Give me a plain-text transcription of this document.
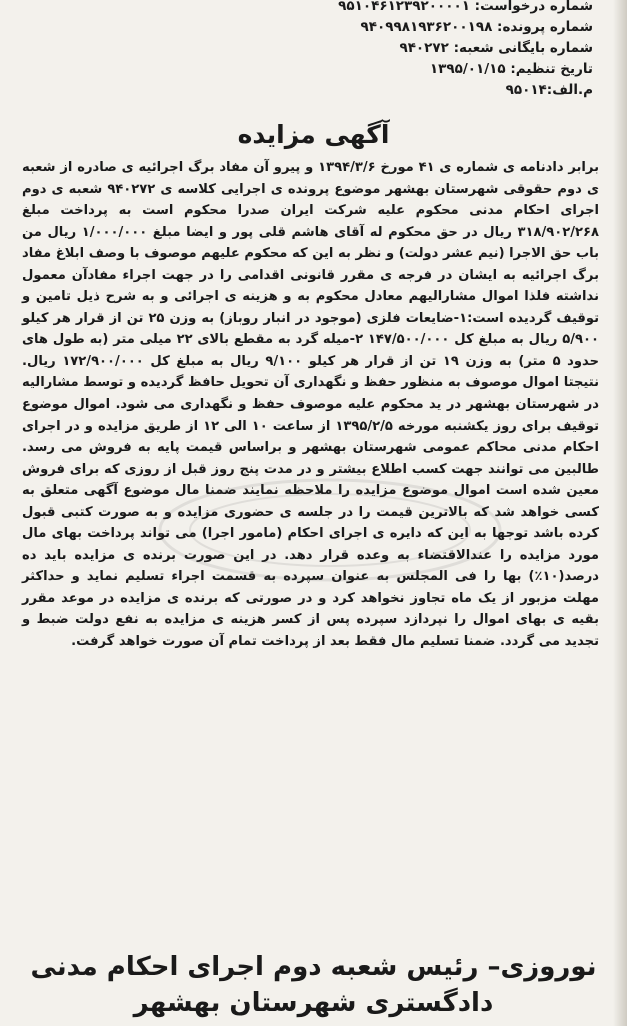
شماره درخواست: ۹۵۱۰۴۶۱۲۳۹۲۰۰۰۰۱
شماره پرونده: ۹۴۰۹۹۸۱۹۳۶۲۰۰۱۹۸
شماره بایگانی شعبه: ۹۴۰۲۷۲
تاریخ تنظیم: ۱۳۹۵/۰۱/۱۵
م.الف:۹۵۰۱۴
آگهی مزایده

برابر دادنامه ی شماره ی ۴۱ مورخ ۱۳۹۴/۳/۶ و پیرو آن مفاد برگ اجرائیه ی صادره از شعبه ی دوم حقوقی شهرستان بهشهر موضوع پرونده ی اجرایی کلاسه ی ۹۴۰۲۷۲ شعبه ی دوم اجرای احکام مدنی محکوم علیه شرکت ایران صدرا محکوم است به پرداخت مبلغ ۳۱۸/۹۰۲/۲۶۸ ریال در حق محکوم له آقای هاشم قلی پور و ایضا مبلغ ۱/۰۰۰/۰۰۰ ریال من باب حق الاجرا (نیم عشر دولت) و نظر به این که محکوم علیهم موصوف با وصف ابلاغ مفاد برگ اجرائیه به ایشان در فرجه ی مقرر قانونی اقدامی را در جهت اجراء مفادآن معمول نداشته فلذا اموال مشارالیهم معادل محکوم به و هزینه ی اجرائی و به شرح ذیل تامین و توقیف گردیده است:۱-ضایعات فلزی (موجود در انبار روباز) به وزن ۲۵ تن از قرار هر کیلو ۵/۹۰۰ ریال به مبلغ کل ۱۴۷/۵۰۰/۰۰۰ ۲-میله گرد به مقطع بالای ۲۲ میلی متر (به طول های حدود ۵ متر) به وزن ۱۹ تن از قرار هر کیلو ۹/۱۰۰ ریال به مبلغ کل ۱۷۲/۹۰۰/۰۰۰ ریال. نتیجتا اموال موصوف به منظور حفظ و نگهداری آن تحویل حافظ گردیده و توسط مشارالیه در شهرستان بهشهر در ید محکوم علیه موصوف حفظ و نگهداری می شود. اموال موضوع توقیف برای روز یکشنبه مورخه ۱۳۹۵/۲/۵ از ساعت ۱۰ الی ۱۲ از طریق مزایده و در اجرای احکام مدنی محاکم عمومی شهرستان بهشهر و براساس قیمت پایه به فروش می رسد. طالبین می توانند جهت کسب اطلاع بیشتر و در مدت پنج روز قبل از روزی که برای فروش معین شده است اموال موضوع مزایده را ملاحظه نمایند ضمنا مال موضوع آگهی متعلق به کسی خواهد شد که بالاترین قیمت را در جلسه ی حضوری مزایده و به صورت کتبی قبول کرده باشد توجها به این که دایره ی اجرای احکام (مامور اجرا) می تواند پرداخت بهای مال مورد مزایده را عندالاقتضاء به وعده قرار دهد. در این صورت برنده ی مزایده باید ده درصد(۱۰٪) بها را فی المجلس به عنوان سپرده به قسمت اجراء تسلیم نماید و حداکثر مهلت مزبور از یک ماه تجاوز نخواهد کرد و در صورتی که برنده ی مزایده در موعد مقرر بقیه ی بهای اموال را نپردازد سپرده پس از کسر هزینه ی مزایده به نفع دولت ضبط و تجدید می گردد. ضمنا تسلیم مال فقط بعد از پرداخت تمام آن صورت خواهد گرفت.

نوروزی– رئیس شعبه دوم اجرای احکام مدنی
دادگستری شهرستان بهشهر
